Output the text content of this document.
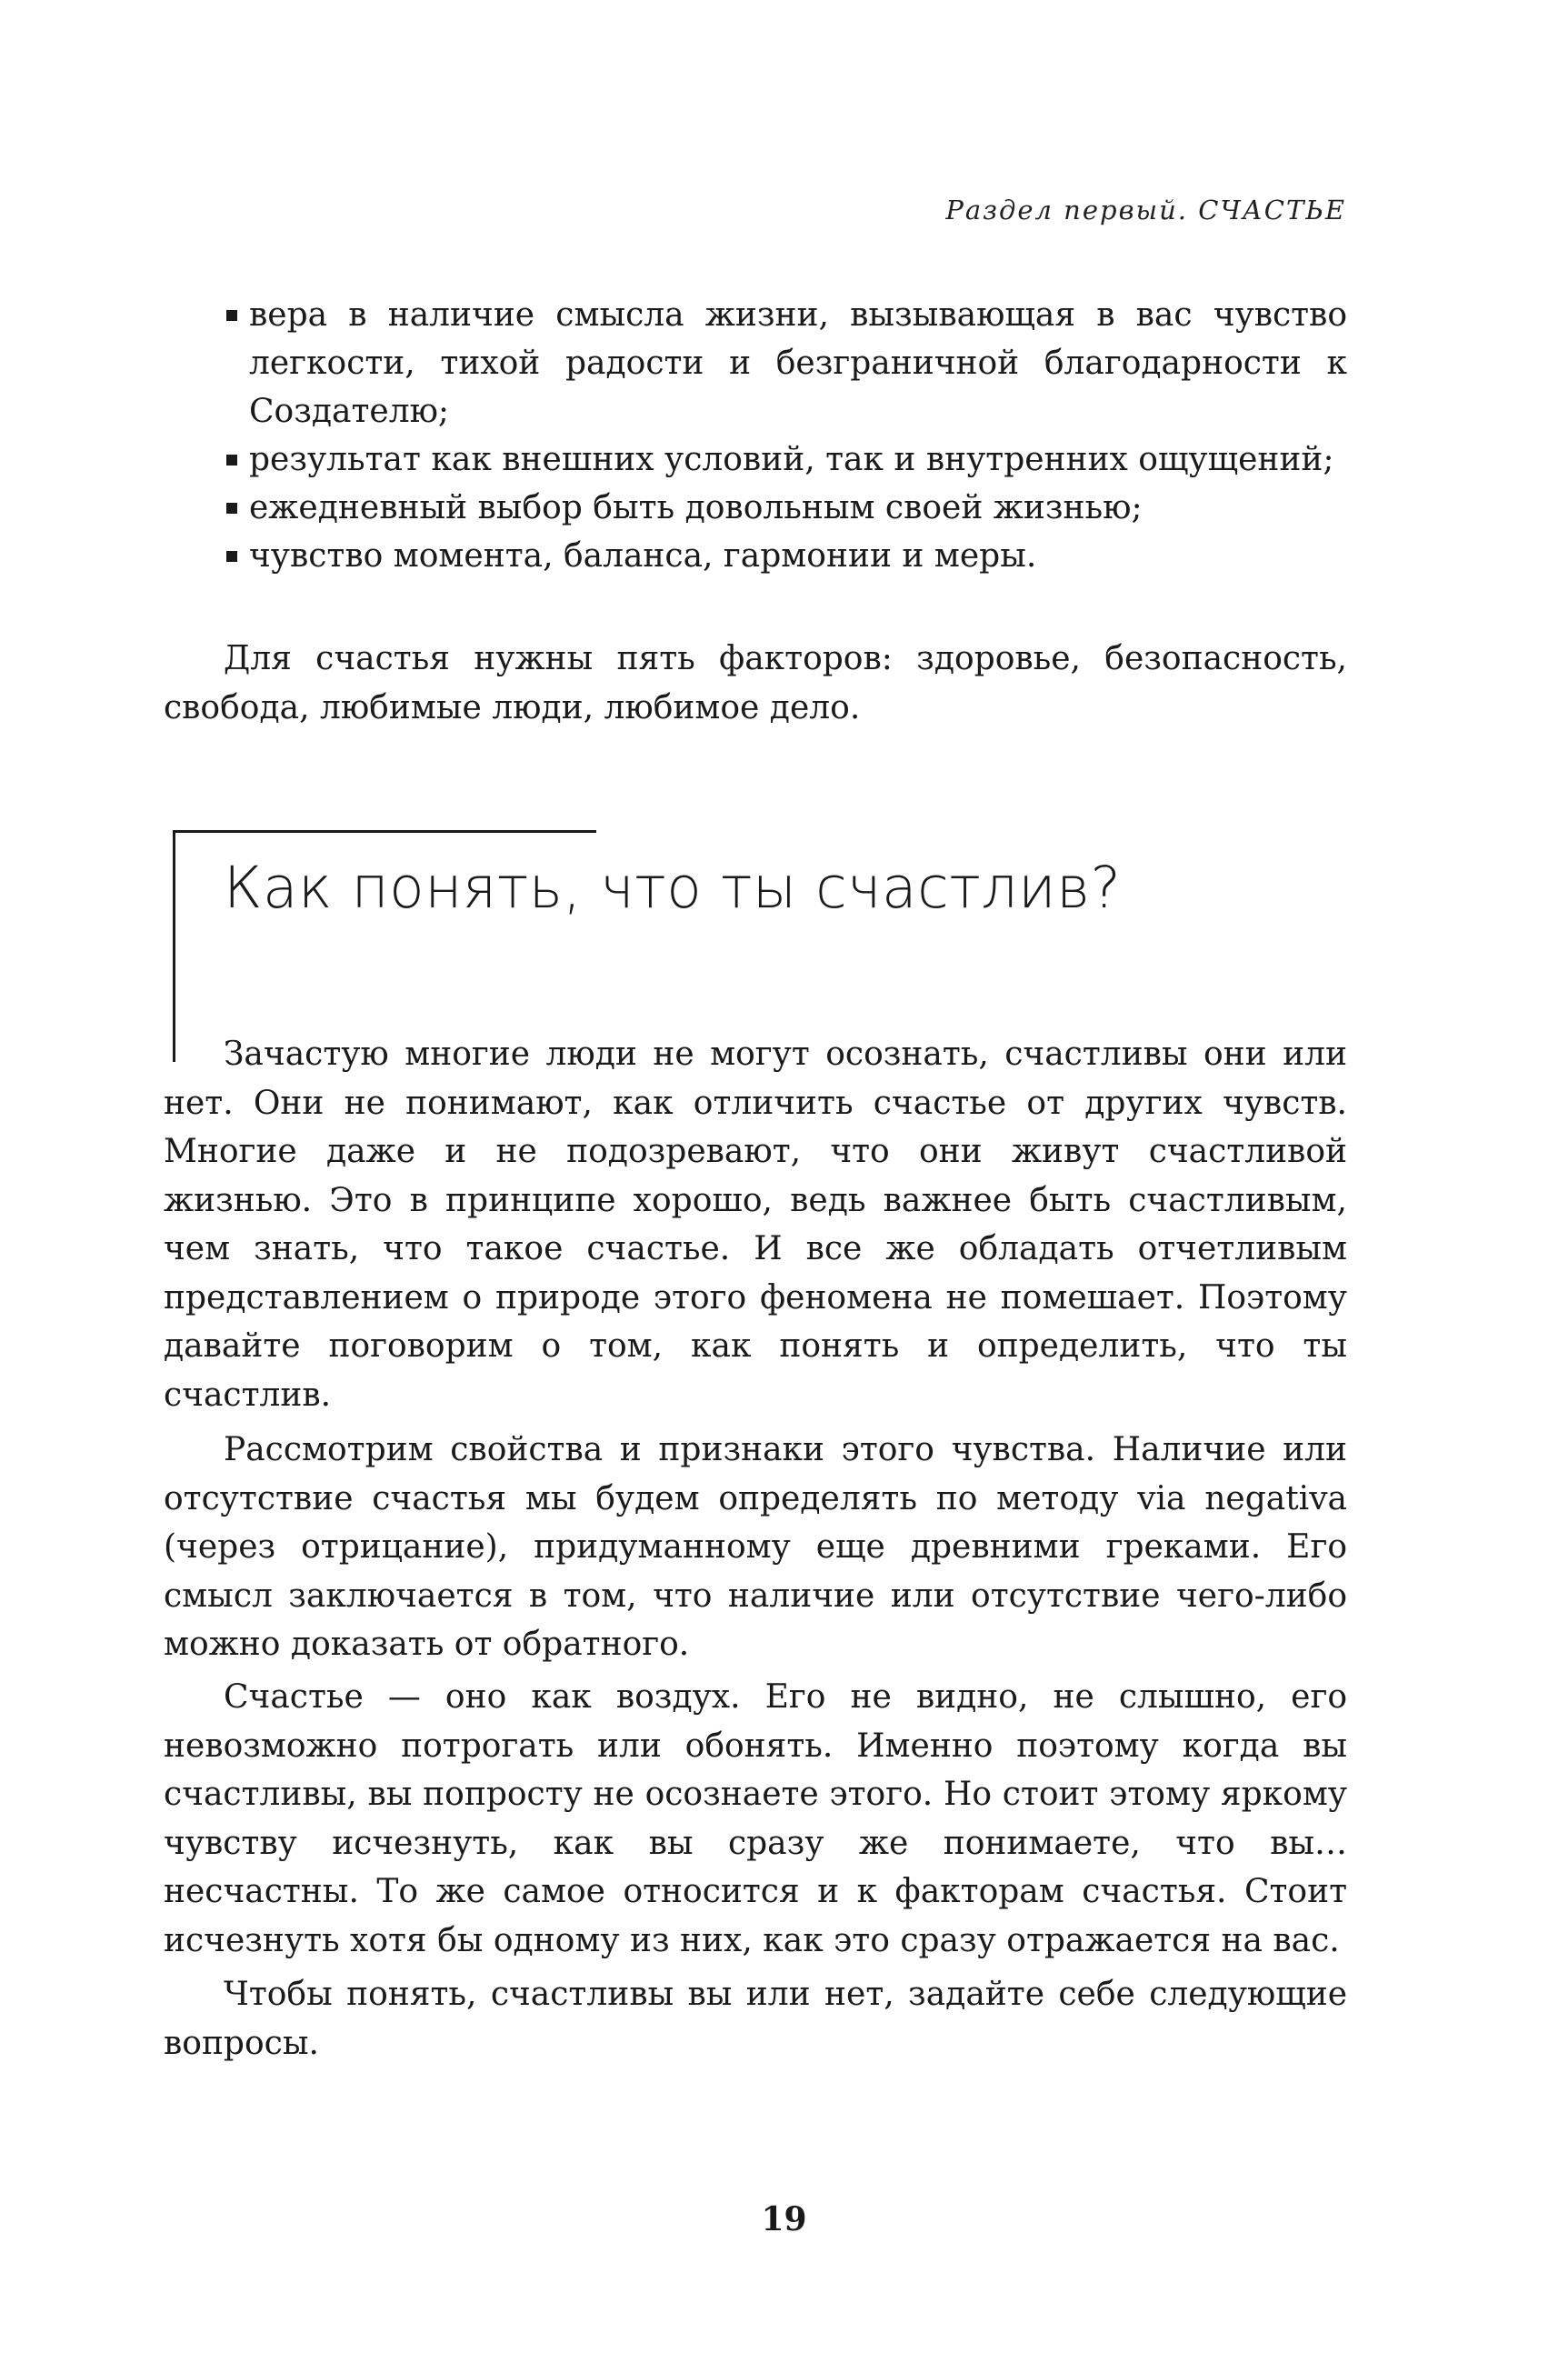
Раздел первый. СЧАСТЬЕ
вера в наличие смысла жизни, вызывающая в вас чувство легкости, тихой радости и безграничной благодарности к Создателю;
результат как внешних условий, так и внутренних ощущений;
ежедневный выбор быть довольным своей жизнью;
чувство момента, баланса, гармонии и меры.

Для счастья нужны пять факторов: здоровье, безопасность, свобода, любимые люди, любимое дело.

Как понять, что ты счастлив?

Зачастую многие люди не могут осознать, счастливы они или нет. Они не понимают, как отличить счастье от других чувств. Многие даже и не подозревают, что они живут счастливой жизнью. Это в принципе хорошо, ведь важнее быть счастливым, чем знать, что такое счастье. И все же обладать отчетливым представлением о природе этого феномена не помешает. Поэтому давайте поговорим о том, как понять и определить, что ты счастлив.

Рассмотрим свойства и признаки этого чувства. Наличие или отсутствие счастья мы будем определять по методу via negativa (через отрицание), придуманному еще древними греками. Его смысл заключается в том, что наличие или отсутствие чего-либо можно доказать от обратного.

Счастье — оно как воздух. Его не видно, не слышно, его невозможно потрогать или обонять. Именно поэтому когда вы счастливы, вы попросту не осознаете этого. Но стоит этому яркому чувству исчезнуть, как вы сразу же понимаете, что вы… несчастны. То же самое относится и к факторам счастья. Стоит исчезнуть хотя бы одному из них, как это сразу отражается на вас.

Чтобы понять, счастливы вы или нет, задайте себе следующие вопросы.

19
